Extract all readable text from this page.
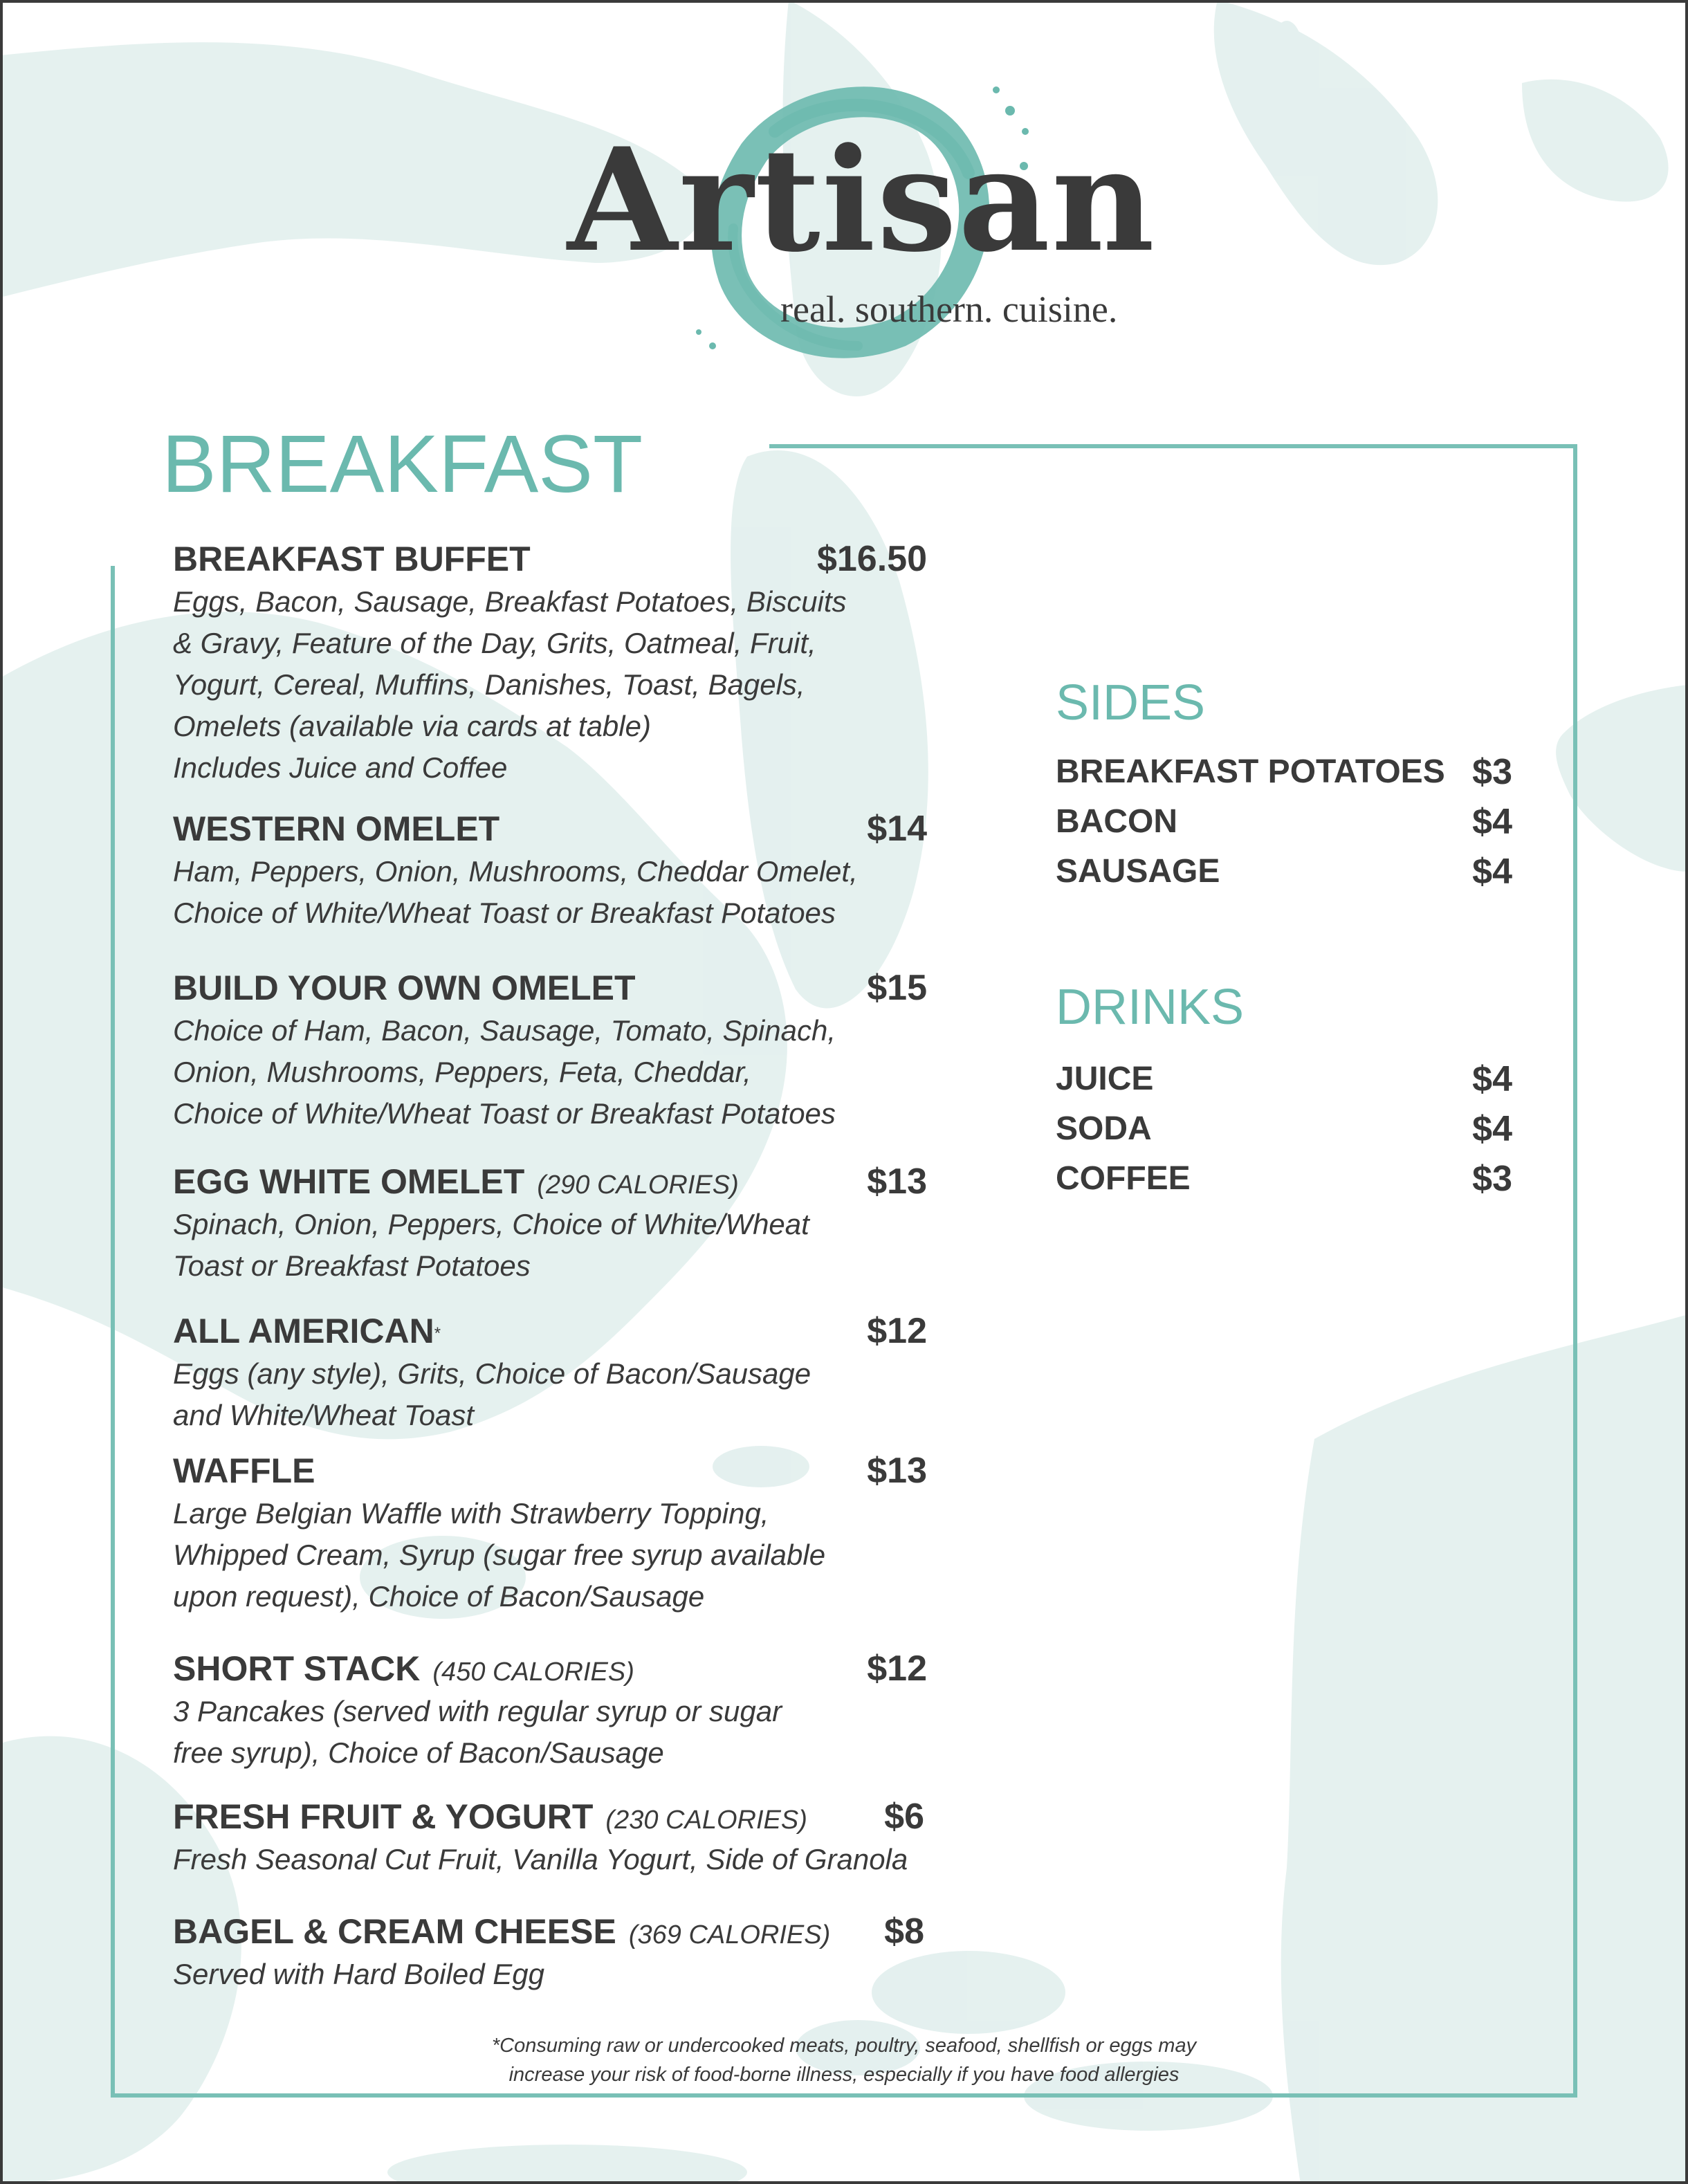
Artisan
real. southern. cuisine.
BREAKFAST
BREAKFAST BUFFET	$16.50
Eggs, Bacon, Sausage, Breakfast Potatoes, Biscuits
& Gravy, Feature of the Day, Grits, Oatmeal, Fruit,
Yogurt, Cereal, Muffins, Danishes, Toast, Bagels,
Omelets (available via cards at table)
Includes Juice and Coffee
WESTERN OMELET	$14
Ham, Peppers, Onion, Mushrooms, Cheddar Omelet,
Choice of White/Wheat Toast or Breakfast Potatoes
BUILD YOUR OWN OMELET	$15
Choice of Ham, Bacon, Sausage, Tomato, Spinach,
Onion, Mushrooms, Peppers, Feta, Cheddar,
Choice of White/Wheat Toast or Breakfast Potatoes
EGG WHITE OMELET (290 CALORIES)	$13
Spinach, Onion, Peppers, Choice of White/Wheat
Toast or Breakfast Potatoes
ALL AMERICAN*	$12
Eggs (any style), Grits, Choice of Bacon/Sausage
and White/Wheat Toast
WAFFLE	$13
Large Belgian Waffle with Strawberry Topping,
Whipped Cream, Syrup (sugar free syrup available
upon request), Choice of Bacon/Sausage
SHORT STACK (450 CALORIES)	$12
3 Pancakes (served with regular syrup or sugar
free syrup), Choice of Bacon/Sausage
FRESH FRUIT & YOGURT (230 CALORIES) $6
Fresh Seasonal Cut Fruit, Vanilla Yogurt, Side of Granola
BAGEL & CREAM CHEESE (369 CALORIES) $8
Served with Hard Boiled Egg
SIDES
BREAKFAST POTATOES $3
BACON	$4
SAUSAGE	$4
DRINKS
JUICE	$4
SODA	$4
COFFEE	$3
*Consuming raw or undercooked meats, poultry, seafood, shellfish or eggs may
increase your risk of food-borne illness, especially if you have food allergies
